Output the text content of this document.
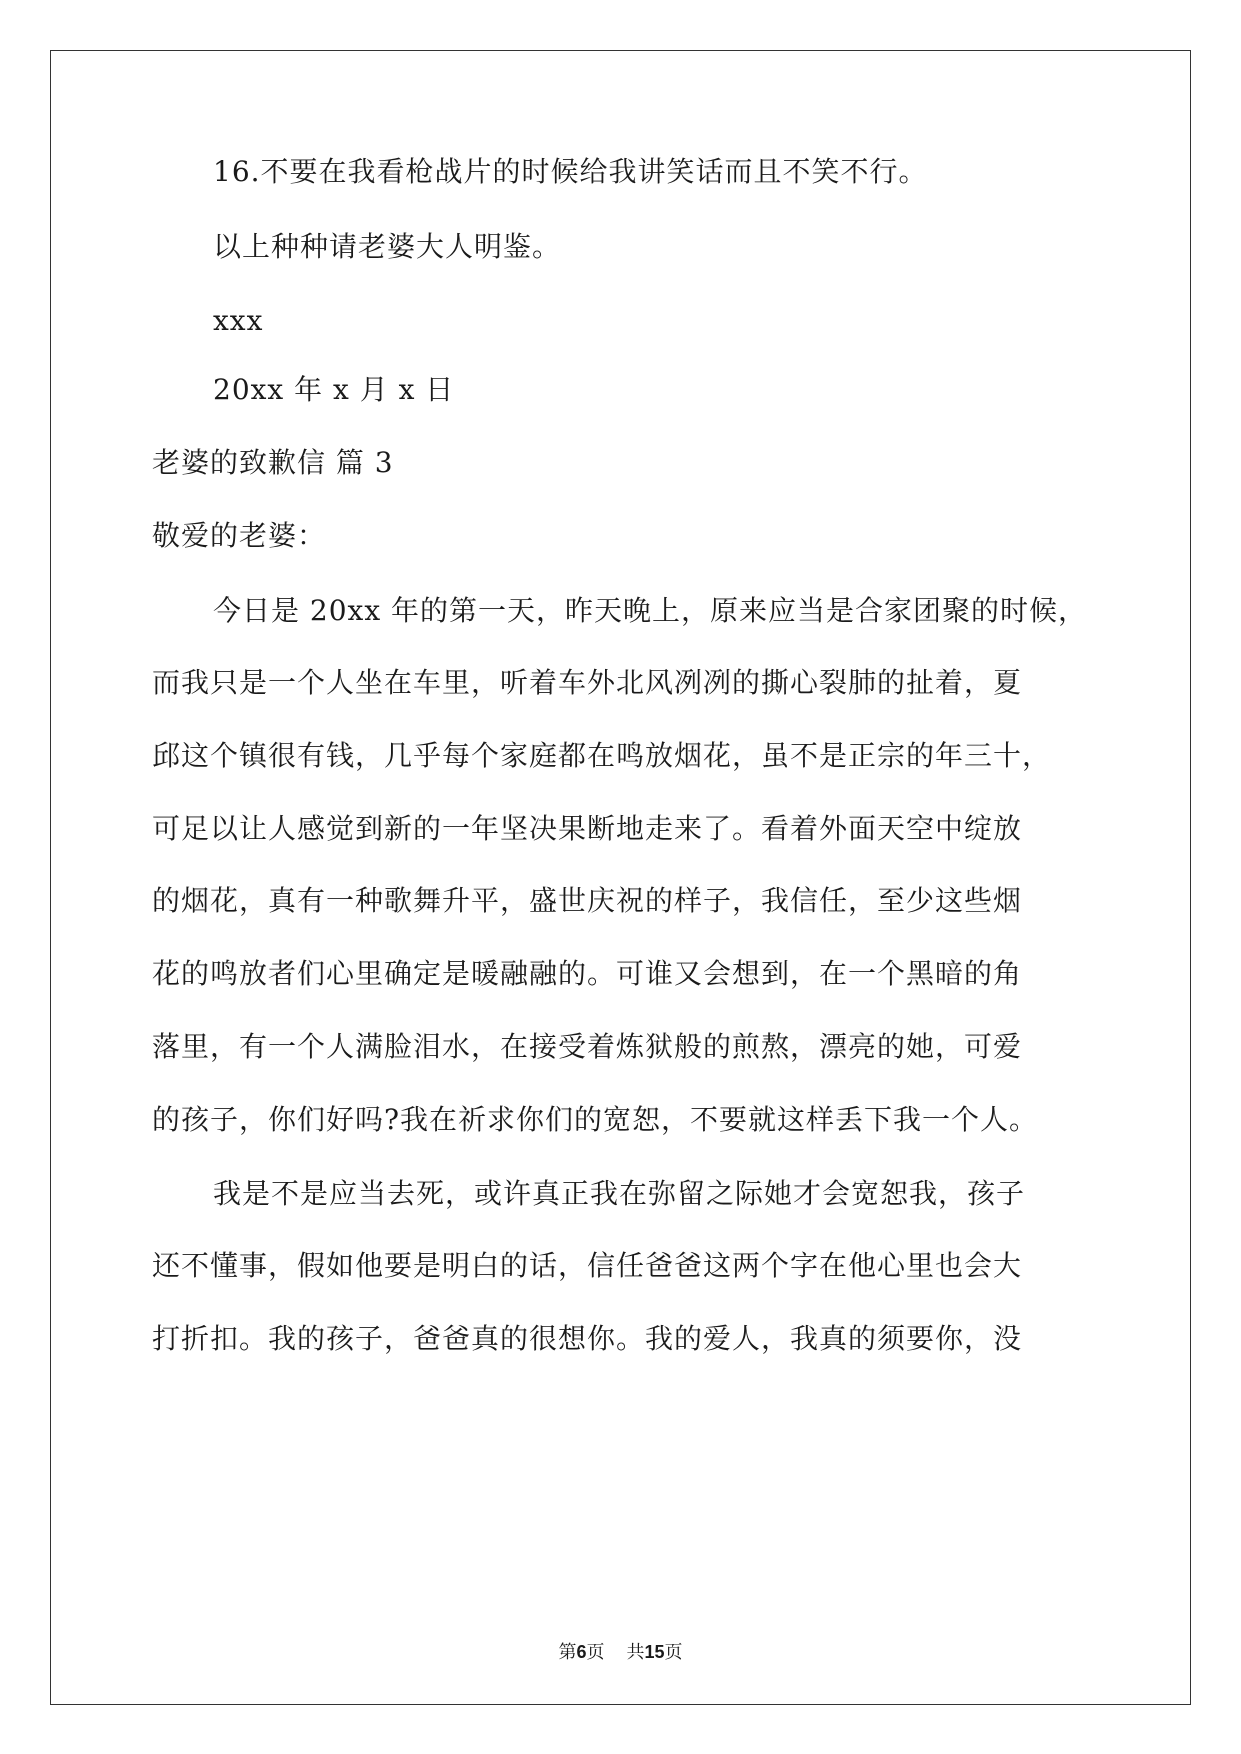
16.不要在我看枪战片的时候给我讲笑话而且不笑不行。
以上种种请老婆大人明鉴。
xxx
20xx 年 x 月 x 日
老婆的致歉信 篇 3
敬爱的老婆：
今日是 20xx 年的第一天，昨天晚上，原来应当是合家团聚的时候，
而我只是一个人坐在车里，听着车外北风冽冽的撕心裂肺的扯着，夏
邱这个镇很有钱，几乎每个家庭都在鸣放烟花，虽不是正宗的年三十，
可足以让人感觉到新的一年坚决果断地走来了。看着外面天空中绽放
的烟花，真有一种歌舞升平，盛世庆祝的样子，我信任，至少这些烟
花的鸣放者们心里确定是暖融融的。可谁又会想到，在一个黑暗的角
落里，有一个人满脸泪水，在接受着炼狱般的煎熬，漂亮的她，可爱
的孩子，你们好吗?我在祈求你们的宽恕，不要就这样丢下我一个人。
我是不是应当去死，或许真正我在弥留之际她才会宽恕我，孩子
还不懂事，假如他要是明白的话，信任爸爸这两个字在他心里也会大
打折扣。我的孩子，爸爸真的很想你。我的爱人，我真的须要你，没
第6页 共15页
